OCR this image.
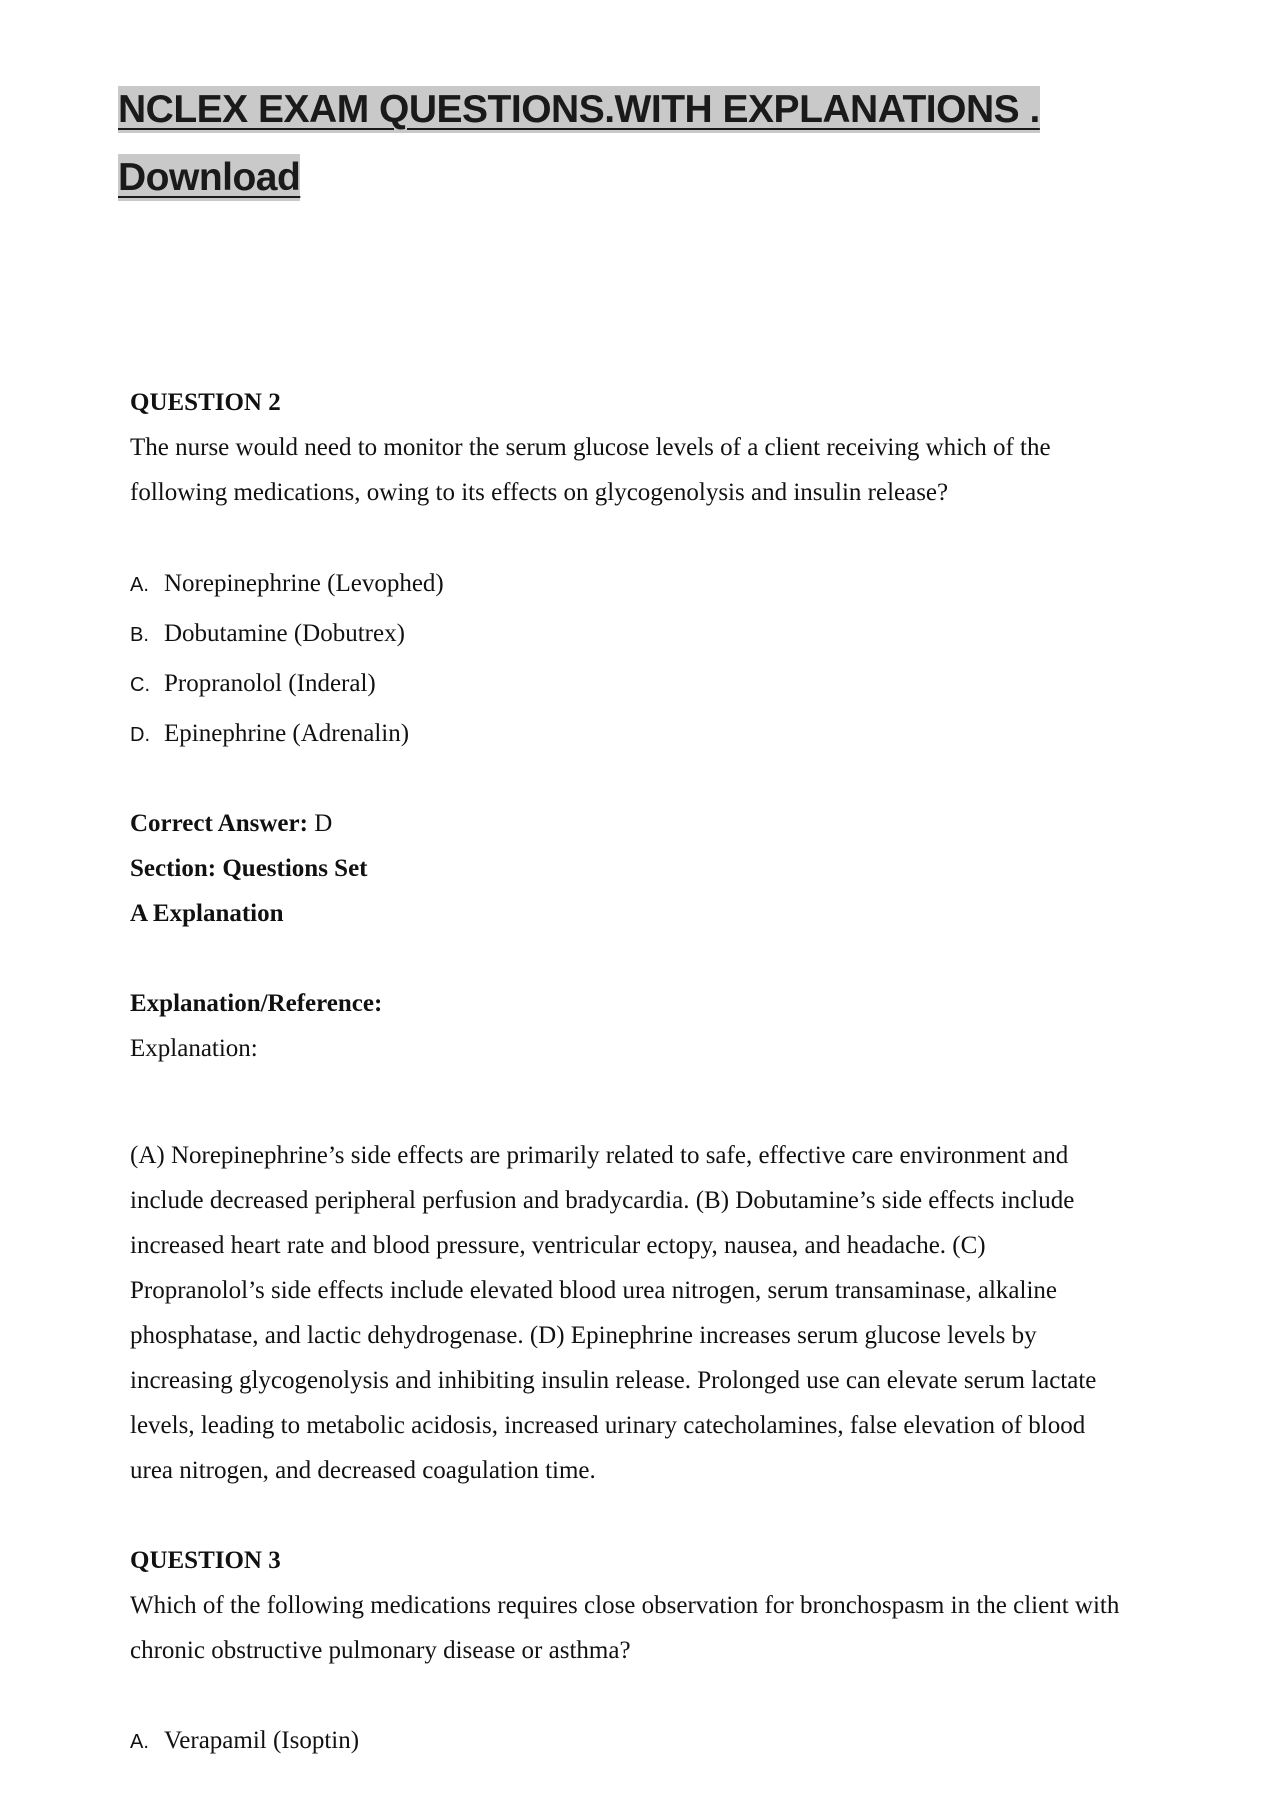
NCLEX EXAM QUESTIONS.WITH EXPLANATIONS .
Download
QUESTION 2
The nurse would need to monitor the serum glucose levels of a client receiving which of the
following medications, owing to its effects on glycogenolysis and insulin release?
A. Norepinephrine (Levophed)
B. Dobutamine (Dobutrex)
C. Propranolol (Inderal)
D. Epinephrine (Adrenalin)
Correct Answer: D
Section: Questions Set
A Explanation
Explanation/Reference:
Explanation:
(A) Norepinephrine’s side effects are primarily related to safe, effective care environment and
include decreased peripheral perfusion and bradycardia. (B) Dobutamine’s side effects include
increased heart rate and blood pressure, ventricular ectopy, nausea, and headache. (C)
Propranolol’s side effects include elevated blood urea nitrogen, serum transaminase, alkaline
phosphatase, and lactic dehydrogenase. (D) Epinephrine increases serum glucose levels by
increasing glycogenolysis and inhibiting insulin release. Prolonged use can elevate serum lactate
levels, leading to metabolic acidosis, increased urinary catecholamines, false elevation of blood
urea nitrogen, and decreased coagulation time.
QUESTION 3
Which of the following medications requires close observation for bronchospasm in the client with
chronic obstructive pulmonary disease or asthma?
A. Verapamil (Isoptin)
